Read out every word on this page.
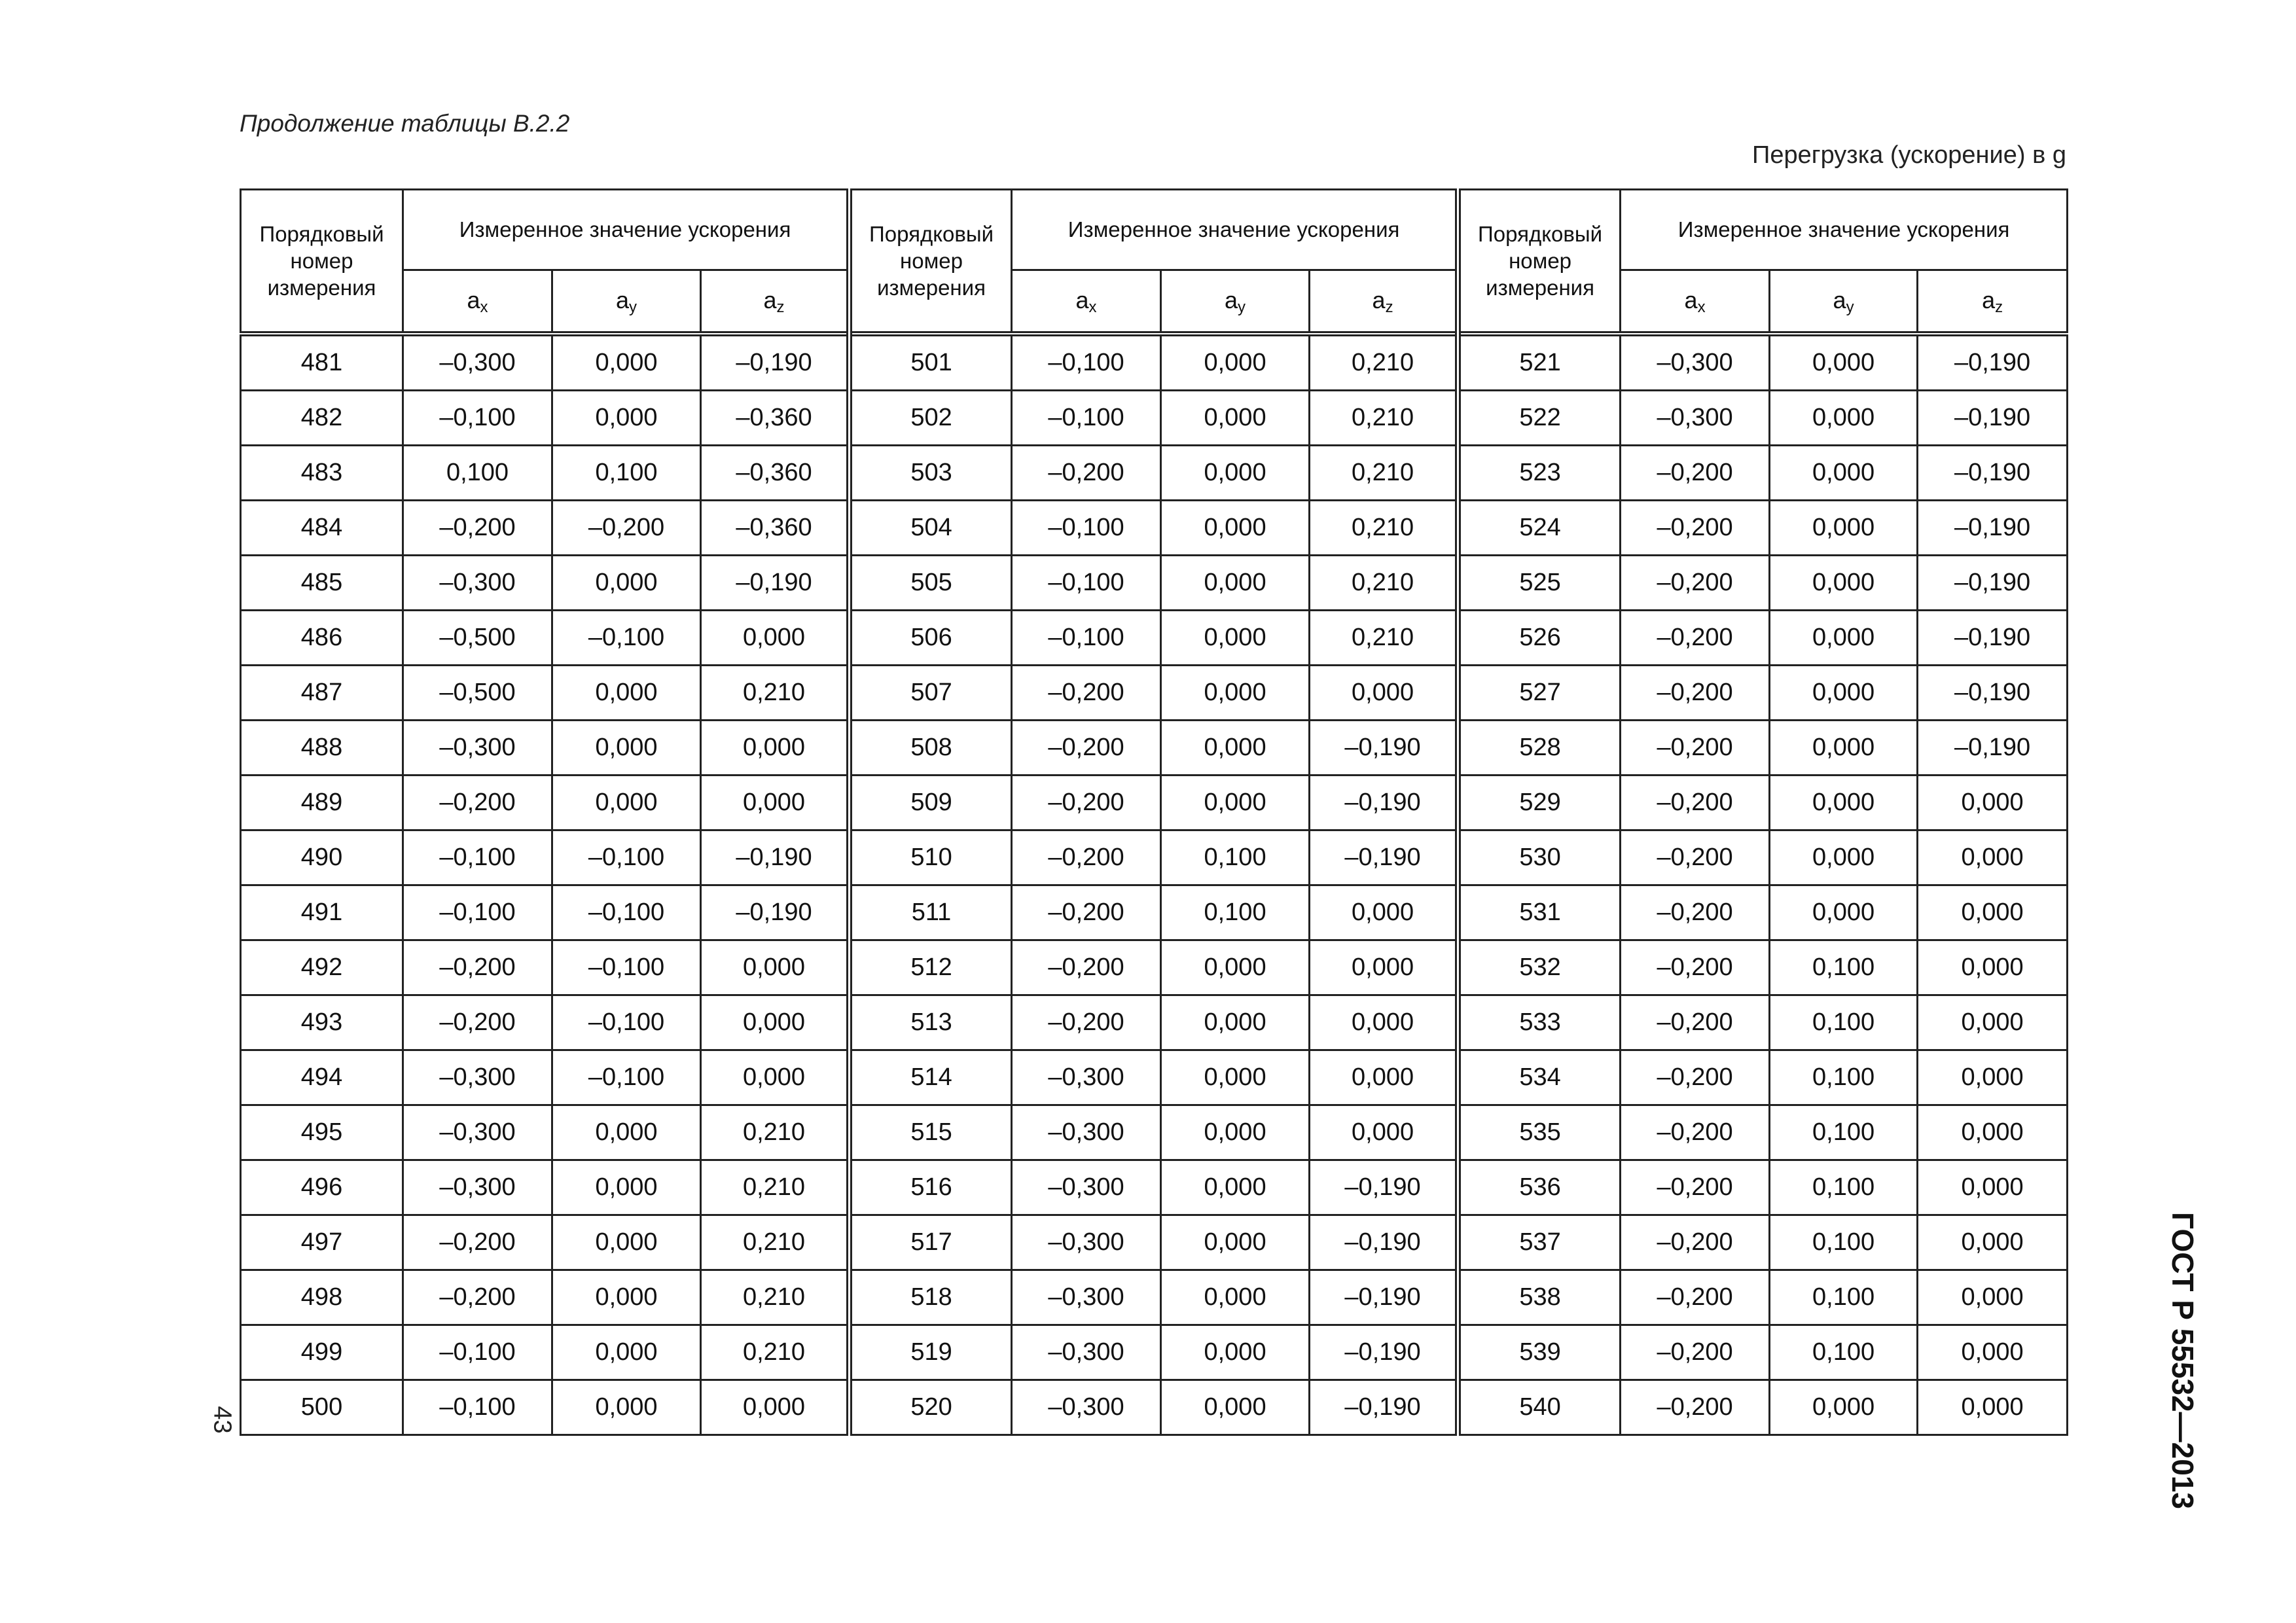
Продолжение таблицы В.2.2
Перегрузка (ускорение) в g
Порядковый номер измерения	Измеренное значение ускорения			Порядковый номер измерения	Измеренное значение ускорения			Порядковый номер измерения	Измеренное значение ускорения		
	$a_x$	$a_y$	$a_z$		$a_x$	$a_y$	$a_z$		$a_x$	$a_y$	$a_z$
481	–0,300	0,000	–0,190	501	–0,100	0,000	0,210	521	–0,300	0,000	–0,190
482	–0,100	0,000	–0,360	502	–0,100	0,000	0,210	522	–0,300	0,000	–0,190
483	0,100	0,100	–0,360	503	–0,200	0,000	0,210	523	–0,200	0,000	–0,190
484	–0,200	–0,200	–0,360	504	–0,100	0,000	0,210	524	–0,200	0,000	–0,190
485	–0,300	0,000	–0,190	505	–0,100	0,000	0,210	525	–0,200	0,000	–0,190
486	–0,500	–0,100	0,000	506	–0,100	0,000	0,210	526	–0,200	0,000	–0,190
487	–0,500	0,000	0,210	507	–0,200	0,000	0,000	527	–0,200	0,000	–0,190
488	–0,300	0,000	0,000	508	–0,200	0,000	–0,190	528	–0,200	0,000	–0,190
489	–0,200	0,000	0,000	509	–0,200	0,000	–0,190	529	–0,200	0,000	0,000
490	–0,100	–0,100	–0,190	510	–0,200	0,100	–0,190	530	–0,200	0,000	0,000
491	–0,100	–0,100	–0,190	511	–0,200	0,100	0,000	531	–0,200	0,000	0,000
492	–0,200	–0,100	0,000	512	–0,200	0,000	0,000	532	–0,200	0,100	0,000
493	–0,200	–0,100	0,000	513	–0,200	0,000	0,000	533	–0,200	0,100	0,000
494	–0,300	–0,100	0,000	514	–0,300	0,000	0,000	534	–0,200	0,100	0,000
495	–0,300	0,000	0,210	515	–0,300	0,000	0,000	535	–0,200	0,100	0,000
496	–0,300	0,000	0,210	516	–0,300	0,000	–0,190	536	–0,200	0,100	0,000
497	–0,200	0,000	0,210	517	–0,300	0,000	–0,190	537	–0,200	0,100	0,000
498	–0,200	0,000	0,210	518	–0,300	0,000	–0,190	538	–0,200	0,100	0,000
499	–0,100	0,000	0,210	519	–0,300	0,000	–0,190	539	–0,200	0,100	0,000
500	–0,100	0,000	0,000	520	–0,300	0,000	–0,190	540	–0,200	0,000	0,000
43	ГОСТ Р 55532—2013
